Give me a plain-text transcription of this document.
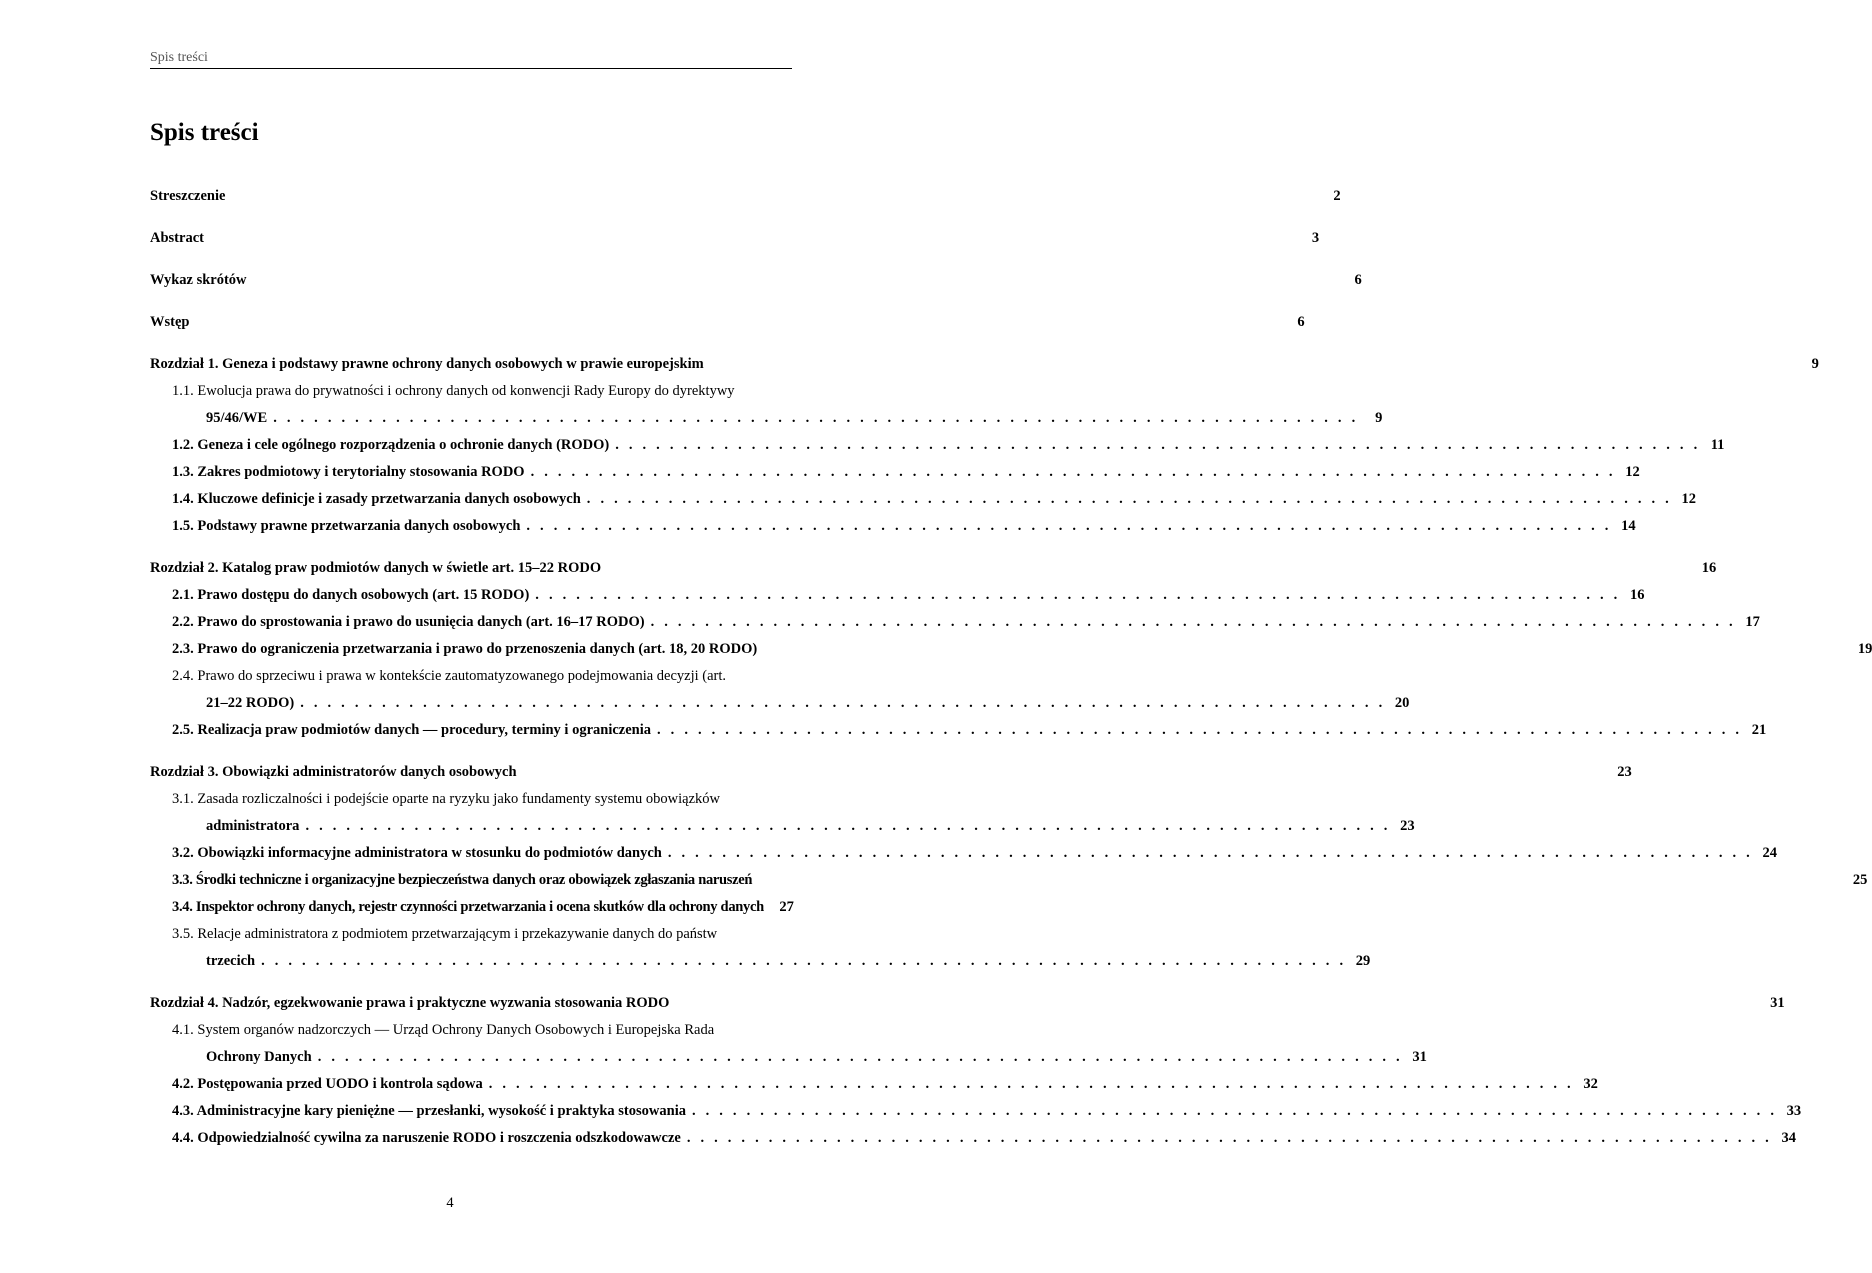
Spis treści
Spis treści
Streszczenie	2
Abstract	3
Wykaz skrótów	6
Wstęp	6
Rozdział 1. Geneza i podstawy prawne ochrony danych osobowych w prawie europejskim	9
1.1. Ewolucja prawa do prywatności i ochrony danych od konwencji Rady Europy do dyrektywy
95/46/WE . . . . . . . . . . . . . . . . . . . . . . . . . . . . . . . . . . . . . . . . . . . . . . . . . . . . . . . . . . . . . . . . . . . . . . . . . . . . . . . .	9
1.2. Geneza i cele ogólnego rozporządzenia o ochronie danych (RODO) . . . . . . . . . . . . . . . . . . . . . . . . . . . . . . . . . . . . . . . . . . . . . . . . . . . . . . . . . . . . . . . . . . . . . . . . . . . . . . . . 11
1.3. Zakres podmiotowy i terytorialny stosowania RODO . . . . . . . . . . . . . . . . . . . . . . . . . . . . . . . . . . . . . . . . . . . . . . . . . . . . . . . . . . . . . . . . . . . . . . . . . . . . . . . . 12
1.4. Kluczowe definicje i zasady przetwarzania danych osobowych . . . . . . . . . . . . . . . . . . . . . . . . . . . . . . . . . . . . . . . . . . . . . . . . . . . . . . . . . . . . . . . . . . . . . . . . . . . . . . . . 12
1.5. Podstawy prawne przetwarzania danych osobowych . . . . . . . . . . . . . . . . . . . . . . . . . . . . . . . . . . . . . . . . . . . . . . . . . . . . . . . . . . . . . . . . . . . . . . . . . . . . . . . . 14
Rozdział 2. Katalog praw podmiotów danych w świetle art. 15–22 RODO	16
2.1. Prawo dostępu do danych osobowych (art. 15 RODO) . . . . . . . . . . . . . . . . . . . . . . . . . . . . . . . . . . . . . . . . . . . . . . . . . . . . . . . . . . . . . . . . . . . . . . . . . . . . . . . . 16
2.2. Prawo do sprostowania i prawo do usunięcia danych (art. 16–17 RODO) . . . . . . . . . . . . . . . . . . . . . . . . . . . . . . . . . . . . . . . . . . . . . . . . . . . . . . . . . . . . . . . . . . . . . . . . . . . . . . . . 17
2.3. Prawo do ograniczenia przetwarzania i prawo do przenoszenia danych (art. 18, 20 RODO)	19
2.4. Prawo do sprzeciwu i prawa w kontekście zautomatyzowanego podejmowania decyzji (art.
21–22 RODO) . . . . . . . . . . . . . . . . . . . . . . . . . . . . . . . . . . . . . . . . . . . . . . . . . . . . . . . . . . . . . . . . . . . . . . . . . . . . . . . . 20
2.5. Realizacja praw podmiotów danych — procedury, terminy i ograniczenia . . . . . . . . . . . . . . . . . . . . . . . . . . . . . . . . . . . . . . . . . . . . . . . . . . . . . . . . . . . . . . . . . . . . . . . . . . . . . . . . 21
Rozdział 3. Obowiązki administratorów danych osobowych	23
3.1. Zasada rozliczalności i podejście oparte na ryzyku jako fundamenty systemu obowiązków
administratora . . . . . . . . . . . . . . . . . . . . . . . . . . . . . . . . . . . . . . . . . . . . . . . . . . . . . . . . . . . . . . . . . . . . . . . . . . . . . . . . 23
3.2. Obowiązki informacyjne administratora w stosunku do podmiotów danych . . . . . . . . . . . . . . . . . . . . . . . . . . . . . . . . . . . . . . . . . . . . . . . . . . . . . . . . . . . . . . . . . . . . . . . . . . . . . . . . 24
3.3. Środki techniczne i organizacyjne bezpieczeństwa danych oraz obowiązek zgłaszania naruszeń	25
3.4. Inspektor ochrony danych, rejestr czynności przetwarzania i ocena skutków dla ochrony danych	27
3.5. Relacje administratora z podmiotem przetwarzającym i przekazywanie danych do państw
trzecich . . . . . . . . . . . . . . . . . . . . . . . . . . . . . . . . . . . . . . . . . . . . . . . . . . . . . . . . . . . . . . . . . . . . . . . . . . . . . . . . 29
Rozdział 4. Nadzór, egzekwowanie prawa i praktyczne wyzwania stosowania RODO	31
4.1. System organów nadzorczych — Urząd Ochrony Danych Osobowych i Europejska Rada
Ochrony Danych . . . . . . . . . . . . . . . . . . . . . . . . . . . . . . . . . . . . . . . . . . . . . . . . . . . . . . . . . . . . . . . . . . . . . . . . . . . . . . . . 31
4.2. Postępowania przed UODO i kontrola sądowa . . . . . . . . . . . . . . . . . . . . . . . . . . . . . . . . . . . . . . . . . . . . . . . . . . . . . . . . . . . . . . . . . . . . . . . . . . . . . . . . 32
4.3. Administracyjne kary pieniężne — przesłanki, wysokość i praktyka stosowania . . . . . . . . . . . . . . . . . . . . . . . . . . . . . . . . . . . . . . . . . . . . . . . . . . . . . . . . . . . . . . . . . . . . . . . . . . . . . . . . 33
4.4. Odpowiedzialność cywilna za naruszenie RODO i roszczenia odszkodowawcze . . . . . . . . . . . . . . . . . . . . . . . . . . . . . . . . . . . . . . . . . . . . . . . . . . . . . . . . . . . . . . . . . . . . . . . . . . . . . . . . 34
4
